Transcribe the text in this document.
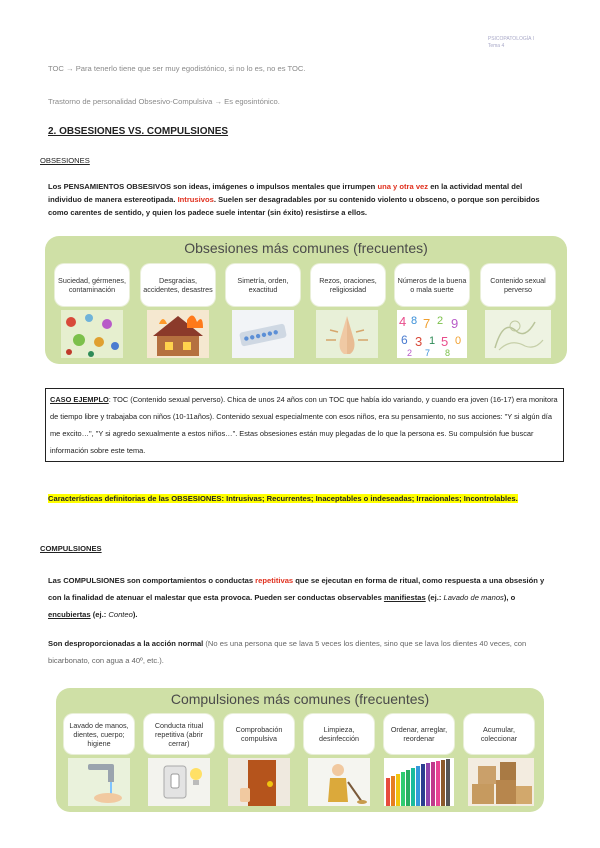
PSICOPATOLOGÍA I
Tema 4
TOC → Para tenerlo tiene que ser muy egodistónico, si no lo es, no es TOC.
Trastorno de personalidad Obsesivo-Compulsiva → Es egosintónico.
2. OBSESIONES VS. COMPULSIONES
OBSESIONES
Los PENSAMIENTOS OBSESIVOS son ideas, imágenes o impulsos mentales que irrumpen una y otra vez en la actividad mental del individuo de manera estereotipada. Intrusivos. Suelen ser desagradables por su contenido violento u obsceno, o porque son percibidos como carentes de sentido, y quien los padece suele intentar (sin éxito) resistirse a ellos.
Obsesiones más comunes (frecuentes)
Suciedad, gérmenes, contaminación
Desgracias, accidentes, desastres
Simetría, orden, exactitud
Rezos, oraciones, religiosidad
Números de la buena o mala suerte
Contenido sexual perverso
4 8 7 2 9
6 3 1 5 0
2 7 8
CASO EJEMPLO: TOC (Contenido sexual perverso). Chica de unos 24 años con un TOC que había ido variando, y cuando era joven (16-17) era monitora de tiempo libre y trabajaba con niños (10-11años). Contenido sexual especialmente con esos niños, era su pensamiento, no sus acciones: "Y si algún día me excito…", "Y si agredo sexualmente a estos niños…". Estas obsesiones están muy plegadas de lo que la persona es. Su compulsión fue buscar información sobre este tema.
Características definitorias de las OBSESIONES: Intrusivas; Recurrentes; Inaceptables o indeseadas; Irracionales; Incontrolables.
COMPULSIONES
Las COMPULSIONES son comportamientos o conductas repetitivas que se ejecutan en forma de ritual, como respuesta a una obsesión y con la finalidad de atenuar el malestar que esta provoca. Pueden ser conductas observables manifiestas (ej.: Lavado de manos), o encubiertas (ej.: Conteo).
Son desproporcionadas a la acción normal (No es una persona que se lava 5 veces los dientes, sino que se lava los dientes 40 veces, con bicarbonato, con agua a 40º, etc.).
Compulsiones más comunes (frecuentes)
Lavado de manos, dientes, cuerpo; higiene
Conducta ritual repetitiva (abrir cerrar)
Comprobación compulsiva
Limpieza, desinfección
Ordenar, arreglar, reordenar
Acumular, coleccionar
